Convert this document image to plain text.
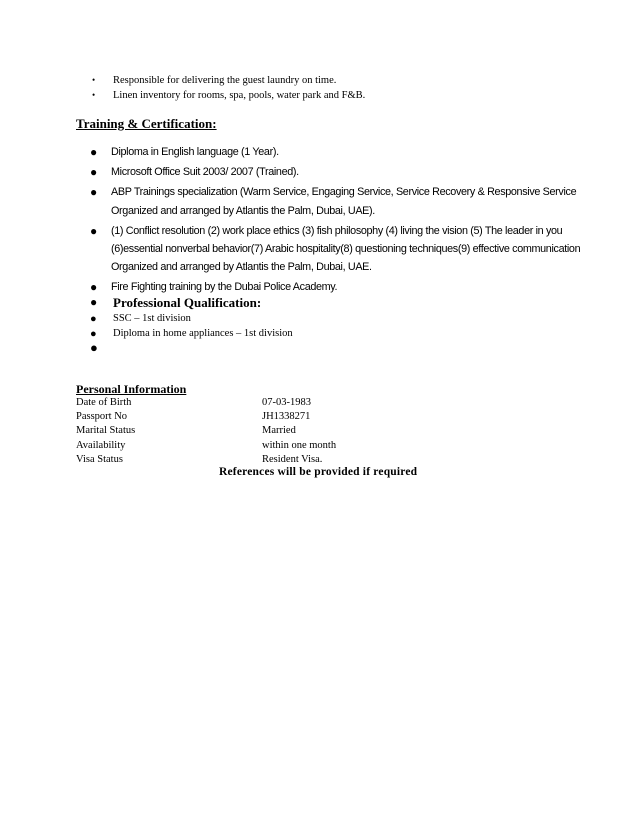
•	Responsible for delivering the guest laundry on time.
•	Linen inventory for rooms, spa, pools, water park and F&B.
Training & Certification:
●	Diploma in English language (1 Year).
●	Microsoft Office Suit 2003/ 2007 (Trained).
●	ABP Trainings specialization (Warm Service, Engaging Service, Service Recovery & Responsive Service Organized and arranged by Atlantis the Palm, Dubai, UAE).
●	(1) Conflict resolution (2) work place ethics (3) fish philosophy (4) living the vision (5) The leader in you (6)essential nonverbal behavior(7) Arabic hospitality(8) questioning techniques(9) effective communication Organized and arranged by Atlantis the Palm, Dubai, UAE.
●	Fire Fighting training by the Dubai Police Academy.
●	Professional Qualification:
●	SSC – 1st division
●	Diploma in home appliances – 1st division
●
Personal Information
Date of Birth	07-03-1983
Passport No	JH1338271
Marital Status	Married
Availability	within one month
Visa Status	Resident Visa.
References will be provided if required
